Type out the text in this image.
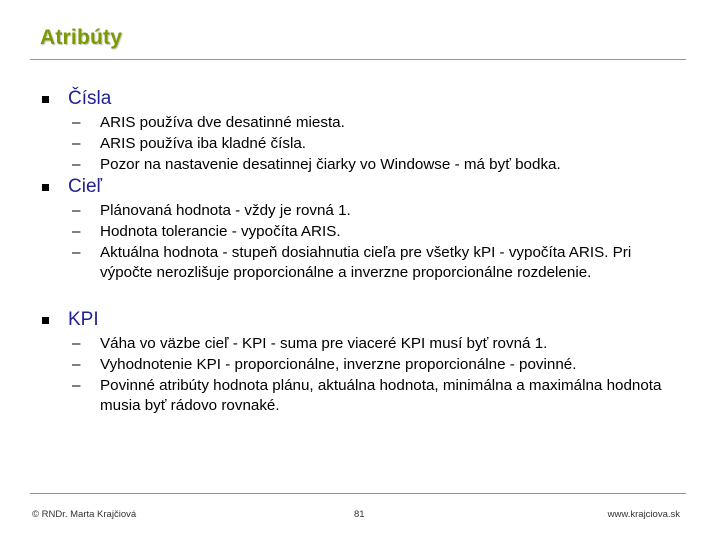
Atribúty
Čísla
– ARIS používa dve desatinné miesta.
– ARIS používa iba kladné čísla.
– Pozor na nastavenie desatinnej čiarky vo Windowse - má byť bodka.
Cieľ
– Plánovaná hodnota - vždy je rovná 1.
– Hodnota tolerancie - vypočíta ARIS.
– Aktuálna hodnota - stupeň dosiahnutia cieľa pre všetky kPI - vypočíta ARIS. Pri výpočte nerozlišuje proporcionálne a inverzne proporcionálne rozdelenie.
KPI
– Váha vo väzbe cieľ - KPI - suma pre viaceré KPI musí byť rovná 1.
– Vyhodnotenie KPI - proporcionálne, inverzne proporcionálne - povinné.
– Povinné atribúty hodnota plánu, aktuálna hodnota, minimálna a maximálna hodnota musia byť rádovo rovnaké.
© RNDr. Marta Krajčiová	81	www.krajciova.sk
